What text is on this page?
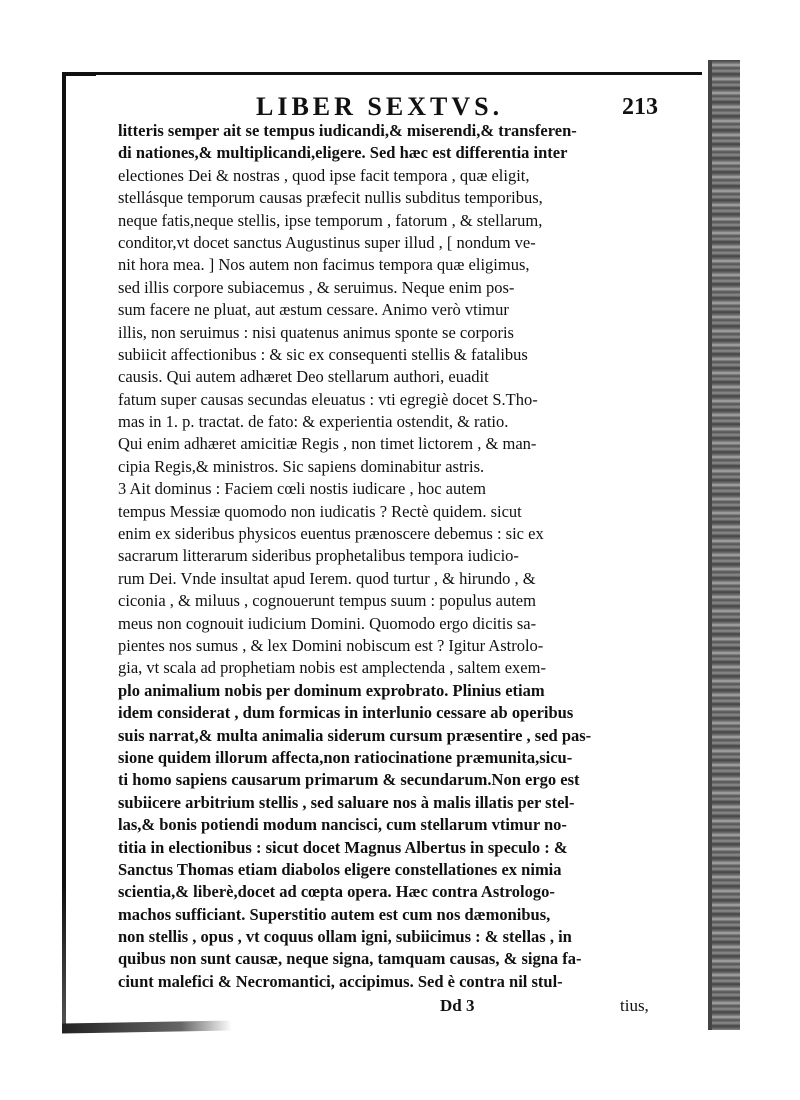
LIBER SEXTVS.	213
litteris semper ait se tempus iudicandi,& miserendi,& transferen-
di nationes,& multiplicandi,eligere. Sed hæc est differentia inter
electiones Dei & nostras , quod ipse facit tempora , quæ eligit,
stellásque temporum causas præfecit nullis subditus temporibus,
neque fatis,neque stellis, ipse temporum , fatorum , & stellarum,
conditor,vt docet sanctus Augustinus super illud , [ nondum ve-
nit hora mea. ] Nos autem non facimus tempora quæ eligimus,
sed illis corpore subiacemus , & seruimus. Neque enim pos-
sum facere ne pluat, aut æstum cessare. Animo verò vtimur
illis, non seruimus : nisi quatenus animus sponte se corporis
subiicit affectionibus : & sic ex consequenti stellis & fatalibus
causis. Qui autem adhæret Deo stellarum authori, euadit
fatum super causas secundas eleuatus : vti egregiè docet S.Tho-
mas in 1. p. tractat. de fato: & experientia ostendit, & ratio.
Qui enim adhæret amicitiæ Regis , non timet lictorem , & man-
cipia Regis,& ministros. Sic sapiens dominabitur astris.
3 Ait dominus : Faciem cœli nostis iudicare , hoc autem
tempus Messiæ quomodo non iudicatis ? Rectè quidem. sicut
enim ex sideribus physicos euentus prænoscere debemus : sic ex
sacrarum litterarum sideribus prophetalibus tempora iudicio-
rum Dei. Vnde insultat apud Ierem. quod turtur , & hirundo , &
ciconia , & miluus , cognouerunt tempus suum : populus autem
meus non cognouit iudicium Domini. Quomodo ergo dicitis sa-
pientes nos sumus , & lex Domini nobiscum est ? Igitur Astrolo-
gia, vt scala ad prophetiam nobis est amplectenda , saltem exem-
plo animalium nobis per dominum exprobrato. Plinius etiam
idem considerat , dum formicas in interlunio cessare ab operibus
suis narrat,& multa animalia siderum cursum præsentire , sed pas-
sione quidem illorum affecta,non ratiocinatione præmunita,sicu-
ti homo sapiens causarum primarum & secundarum.Non ergo est
subiicere arbitrium stellis , sed saluare nos à malis illatis per stel-
las,& bonis potiendi modum nancisci, cum stellarum vtimur no-
titia in electionibus : sicut docet Magnus Albertus in speculo : &
Sanctus Thomas etiam diabolos eligere constellationes ex nimia
scientia,& liberè,docet ad cœpta opera. Hæc contra Astrologo-
machos sufficiant. Superstitio autem est cum nos dæmonibus,
non stellis , opus , vt coquus ollam igni, subiicimus : & stellas , in
quibus non sunt causæ, neque signa, tamquam causas, & signa fa-
ciunt malefici & Necromantici, accipimus. Sed è contra nil stul-
Dd 3	tius,
